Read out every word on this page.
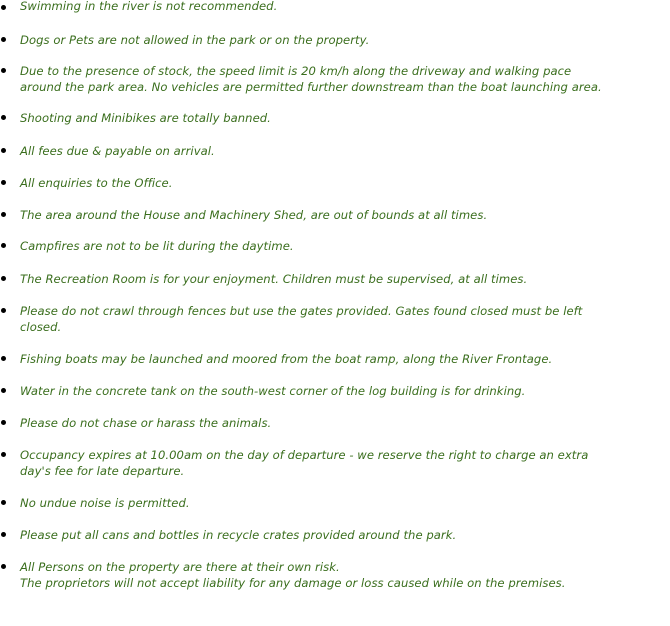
Swimming in the river is not recommended.
Dogs or Pets are not allowed in the park or on the property.
Due to the presence of stock, the speed limit is 20 km/h along the driveway and walking pace
around the park area. No vehicles are permitted further downstream than the boat launching area.
Shooting and Minibikes are totally banned.
All fees due & payable on arrival.
All enquiries to the Office.
The area around the House and Machinery Shed, are out of bounds at all times.
Campfires are not to be lit during the daytime.
The Recreation Room is for your enjoyment. Children must be supervised, at all times.
Please do not crawl through fences but use the gates provided. Gates found closed must be left
closed.
Fishing boats may be launched and moored from the boat ramp, along the River Frontage.
Water in the concrete tank on the south-west corner of the log building is for drinking.
Please do not chase or harass the animals.
Occupancy expires at 10.00am on the day of departure - we reserve the right to charge an extra
day's fee for late departure.
No undue noise is permitted.
Please put all cans and bottles in recycle crates provided around the park.
All Persons on the property are there at their own risk.
The proprietors will not accept liability for any damage or loss caused while on the premises.
